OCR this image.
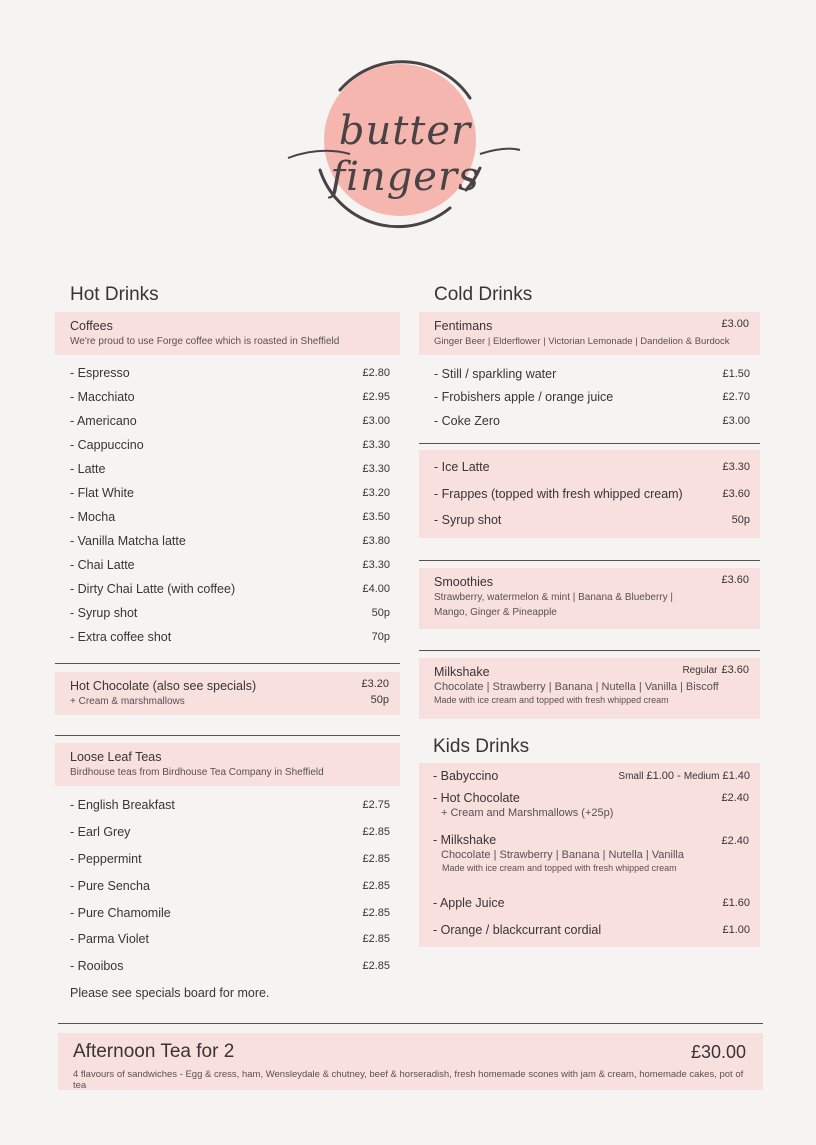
butter fingers
Hot Drinks
Coffees
We're proud to use Forge coffee which is roasted in Sheffield
- Espresso	£2.80
- Macchiato	£2.95
- Americano	£3.00
- Cappuccino	£3.30
- Latte	£3.30
- Flat White	£3.20
- Mocha	£3.50
- Vanilla Matcha latte	£3.80
- Chai Latte	£3.30
- Dirty Chai Latte (with coffee)	£4.00
- Syrup shot	50p
- Extra coffee shot	70p
Hot Chocolate (also see specials)	£3.20
+ Cream & marshmallows	50p
Loose Leaf Teas
Birdhouse teas from Birdhouse Tea Company in Sheffield
- English Breakfast	£2.75
- Earl Grey	£2.85
- Peppermint	£2.85
- Pure Sencha	£2.85
- Pure Chamomile	£2.85
- Parma Violet	£2.85
- Rooibos	£2.85
Please see specials board for more.
Cold Drinks
Fentimans	£3.00
Ginger Beer | Elderflower | Victorian Lemonade | Dandelion & Burdock
- Still / sparkling water	£1.50
- Frobishers apple / orange juice	£2.70
- Coke Zero	£3.00
- Ice Latte	£3.30
- Frappes (topped with fresh whipped cream)	£3.60
- Syrup shot	50p
Smoothies	£3.60
Strawberry, watermelon & mint | Banana & Blueberry |
Mango, Ginger & Pineapple
Milkshake	Regular £3.60
Chocolate | Strawberry | Banana | Nutella | Vanilla | Biscoff
Made with ice cream and topped with fresh whipped cream
Kids Drinks
- Babyccino	Small £1.00 - Medium £1.40
- Hot Chocolate	£2.40
+ Cream and Marshmallows (+25p)
- Milkshake	£2.40
Chocolate | Strawberry | Banana | Nutella | Vanilla
Made with ice cream and topped with fresh whipped cream
- Apple Juice	£1.60
- Orange / blackcurrant cordial	£1.00
Afternoon Tea for 2	£30.00
4 flavours of sandwiches - Egg & cress, ham, Wensleydale & chutney, beef & horseradish, fresh homemade scones with jam & cream, homemade cakes, pot of tea
